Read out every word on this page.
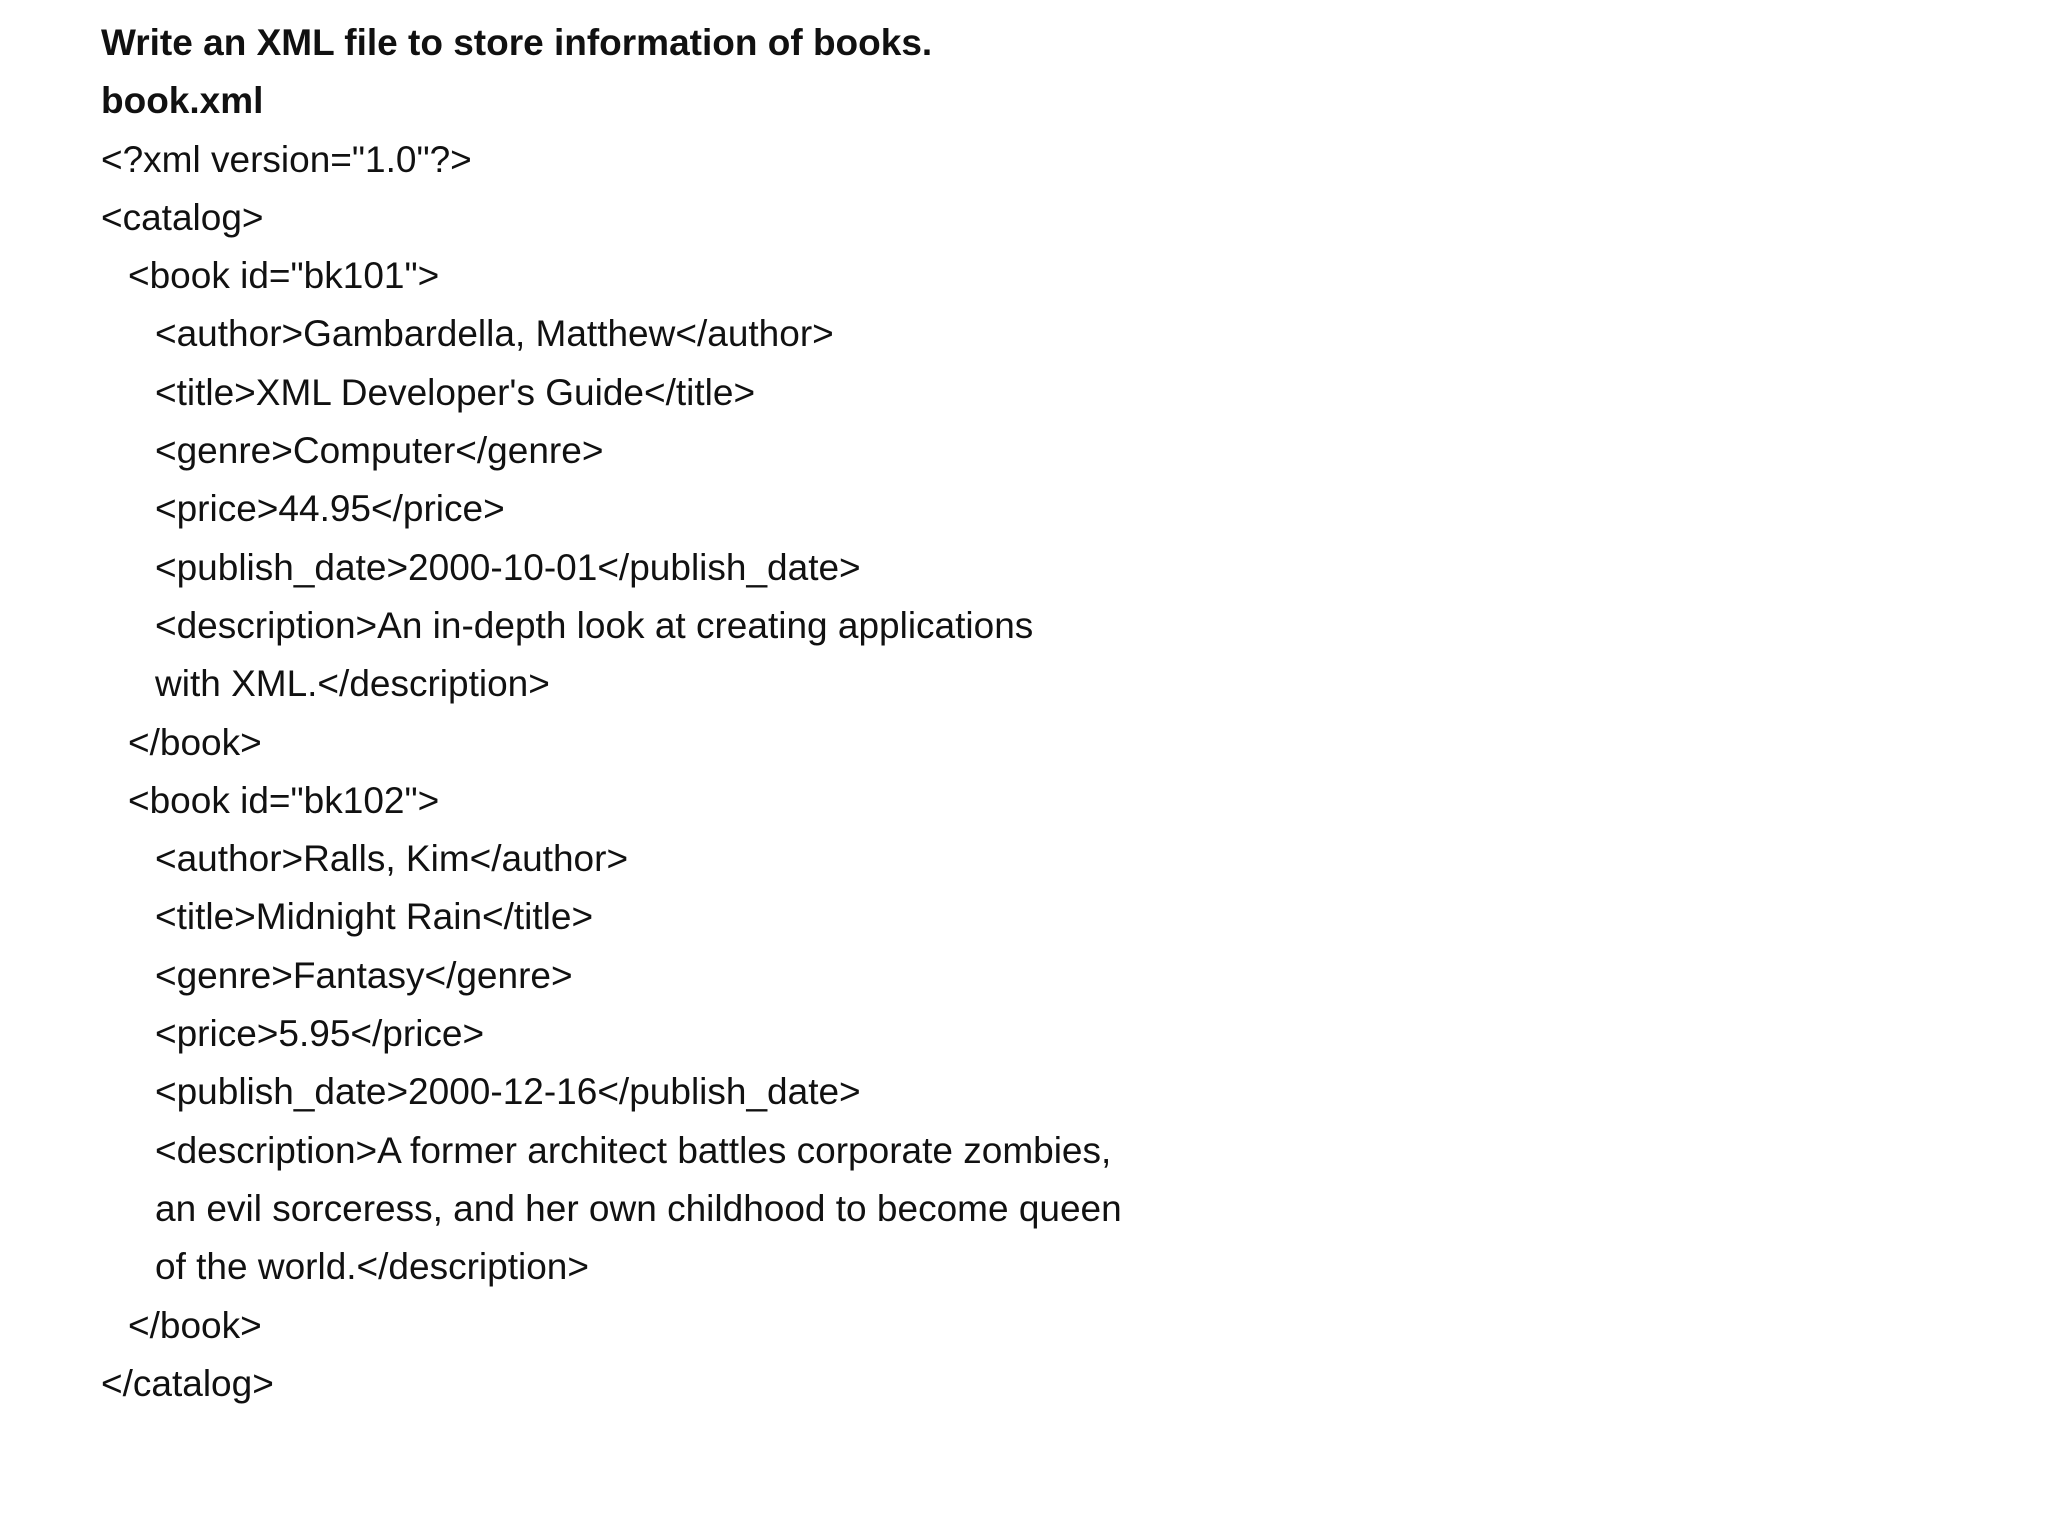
Write an XML file to store information of books.
book.xml
<?xml version="1.0"?>
<catalog>
<book id="bk101">
<author>Gambardella, Matthew</author>
<title>XML Developer's Guide</title>
<genre>Computer</genre>
<price>44.95</price>
<publish_date>2000-10-01</publish_date>
<description>An in-depth look at creating applications
with XML.</description>
</book>
<book id="bk102">
<author>Ralls, Kim</author>
<title>Midnight Rain</title>
<genre>Fantasy</genre>
<price>5.95</price>
<publish_date>2000-12-16</publish_date>
<description>A former architect battles corporate zombies,
an evil sorceress, and her own childhood to become queen
of the world.</description>
</book>
</catalog>
